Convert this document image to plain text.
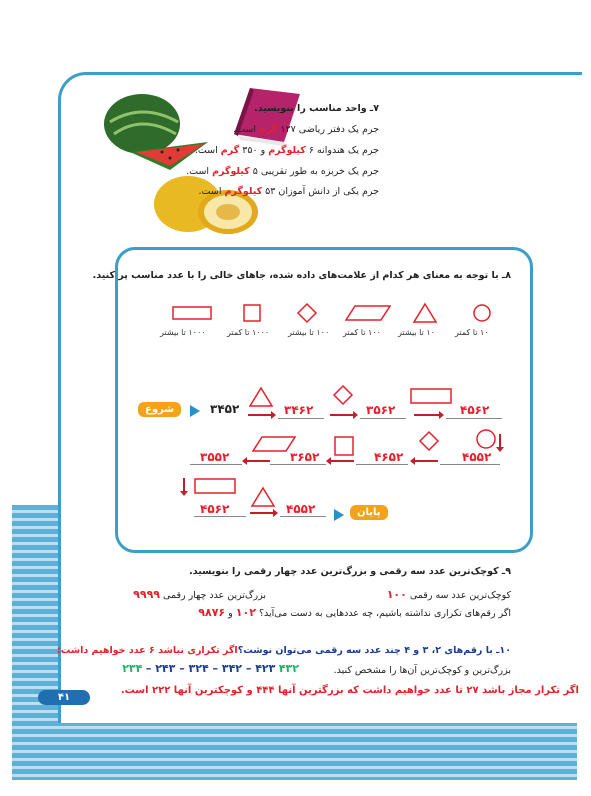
۷ـ واحد مناسب را بنویسید.
جرم یک دفتر ریاضی ۱۲۷ گرم است.
جرم یک هندوانه ۶ کیلوگرم و ۳۵۰ گرم است.
جرم یک خربزه به طور تقریبی ۵ کیلوگرم است.
جرم یکی از دانش آموزان ۵۳ کیلوگرم است.
۸ـ با توجه به معنای هر کدام از علامت‌های داده شده، جاهای خالی را با عدد مناسب پر کنید.
۱۰ تا کمتر
۱۰ تا بیشتر
۱۰۰ تا کمتر
۱۰۰ تا بیشتر
۱۰۰۰ تا کمتر
۱۰۰۰ تا بیشتر
شروع	۳۴۵۲	۳۴۶۲	۳۵۶۲	۴۵۶۲
۴۵۵۲
۴۶۵۲
۳۶۵۲
۳۵۵۲
۴۵۶۲	۴۵۵۲	پایان
۹ـ کوچک‌ترین عدد سه رقمی و بزرگ‌ترین عدد چهار رقمی را بنویسید.
کوچک‌ترین عدد سه رقمی ۱۰۰
بزرگ‌ترین عدد چهار رقمی ۹۹۹۹
اگر رقم‌های تکراری نداشته باشیم، چه عددهایی به دست می‌آید؟ ۱۰۲ و ۹۸۷۶
۱۰ـ با رقم‌های ۲، ۳ و ۴ چند عدد سه رقمی می‌توان نوشت؟اگر تکراری نباشد ۶ عدد خواهیم داشت:
بزرگ‌ترین و کوچک‌ترین آن‌ها را مشخص کنید.
۴۳۲ ۴۲۳ – ۳۴۲ – ۳۲۴ – ۲۴۳ – ۲۳۴
اگر تکرار مجاز باشد ۲۷ تا عدد خواهیم داشت که بزرگترین آنها ۴۴۴ و کوچکترین آنها ۲۲۲ است.
۴۱
